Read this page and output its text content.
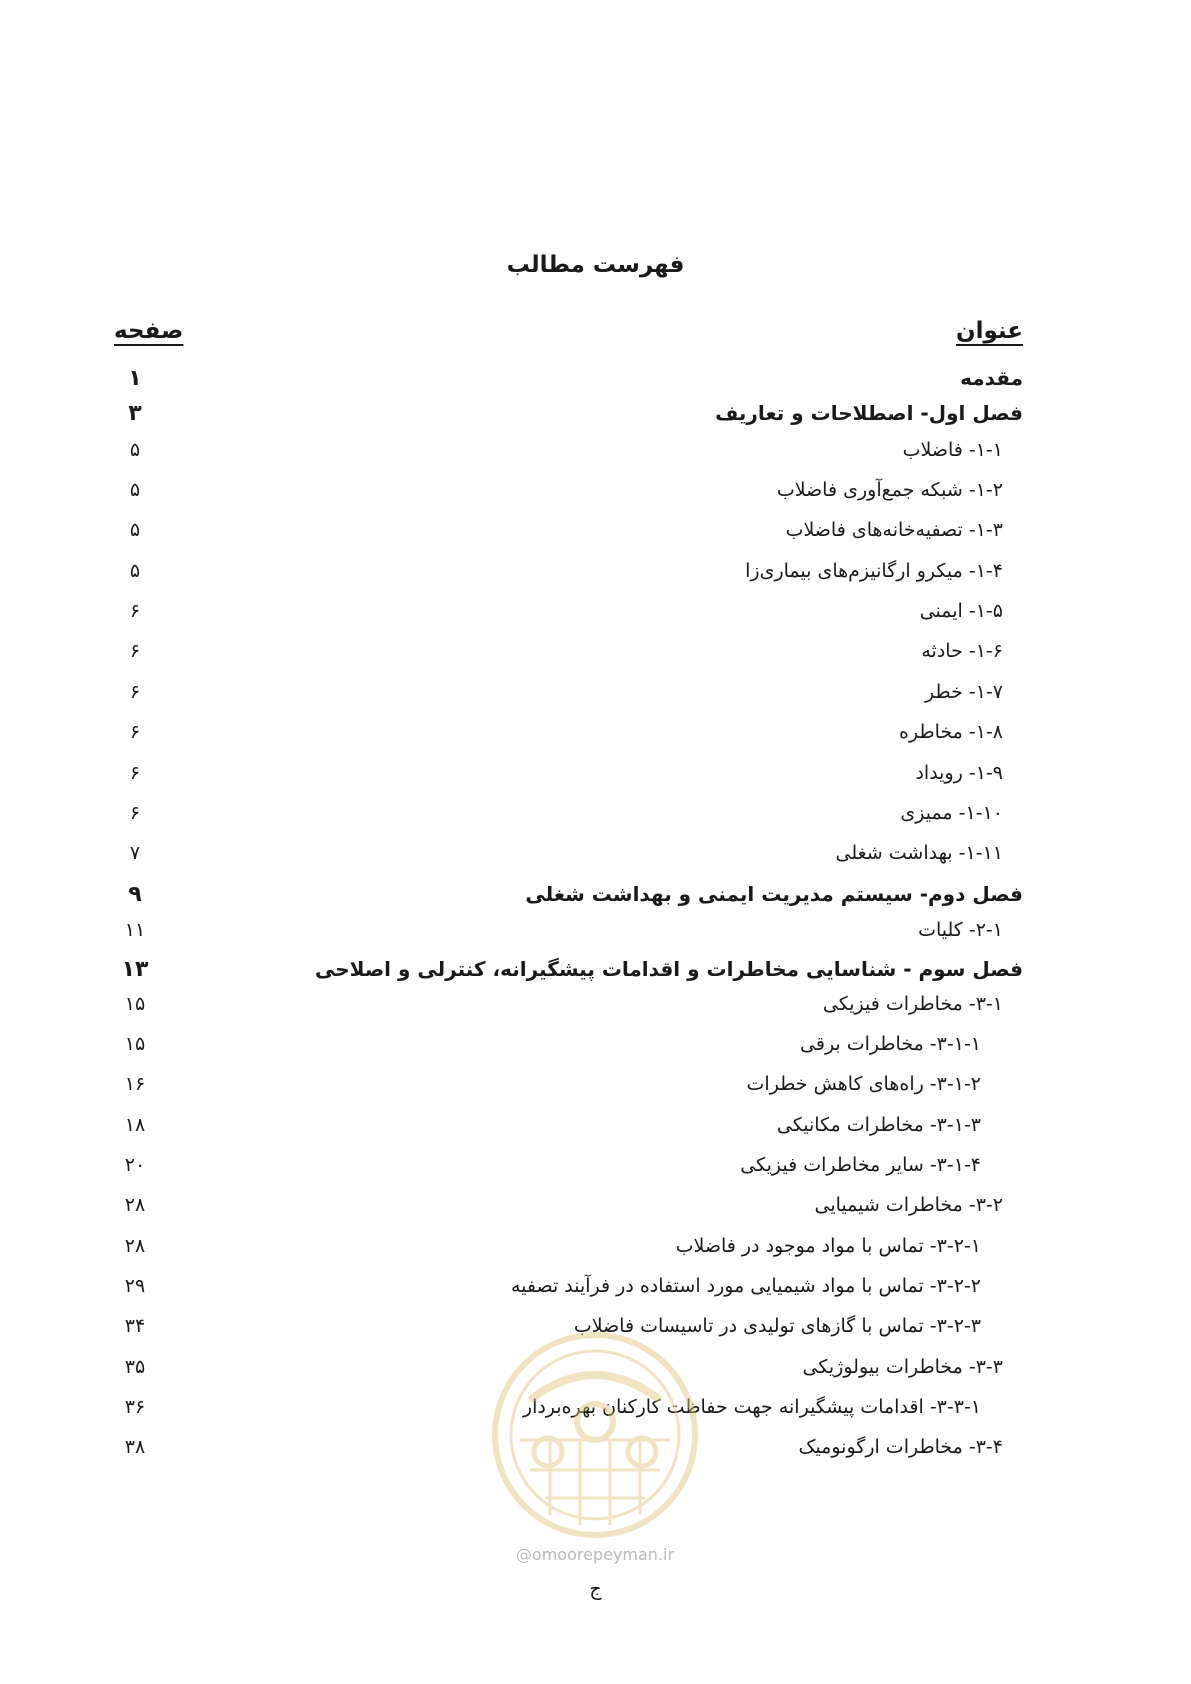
فهرست مطالب
عنوان
صفحه
مقدمه
۱
فصل اول- اصطلاحات و تعاریف
۳
۱-۱- فاضلاب
۵
۱-۲- شبکه جمع‌آوری فاضلاب
۵
۱-۳- تصفیه‌خانه‌های فاضلاب
۵
۱-۴- میکرو ارگانیزم‌های بیماری‌زا
۵
۱-۵- ایمنی
۶
۱-۶- حادثه
۶
۱-۷- خطر
۶
۱-۸- مخاطره
۶
۱-۹- رویداد
۶
۱-۱۰- ممیزی
۶
۱-۱۱- بهداشت شغلی
۷
فصل دوم- سیستم مدیریت ایمنی و بهداشت شغلی
۹
۲-۱- کلیات
۱۱
فصل سوم - شناسایی مخاطرات و اقدامات پیشگیرانه، کنترلی و اصلاحی
۱۳
۳-۱- مخاطرات فیزیکی
۱۵
۳-۱-۱- مخاطرات برقی
۱۵
۳-۱-۲- راه‌های کاهش خطرات
۱۶
۳-۱-۳- مخاطرات مکانیکی
۱۸
۳-۱-۴- سایر مخاطرات فیزیکی
۲۰
۳-۲- مخاطرات شیمیایی
۲۸
۳-۲-۱- تماس با مواد موجود در فاضلاب
۲۸
۳-۲-۲- تماس با مواد شیمیایی مورد استفاده در فرآیند تصفیه
۲۹
۳-۲-۳- تماس با گازهای تولیدی در تاسیسات فاضلاب
۳۴
۳-۳- مخاطرات بیولوژیکی
۳۵
۳-۳-۱- اقدامات پیشگیرانه جهت حفاظت کارکنان بهره‌بردار
۳۶
۳-۴- مخاطرات ارگونومیک
۳۸
@omoorepeyman.ir
ج
